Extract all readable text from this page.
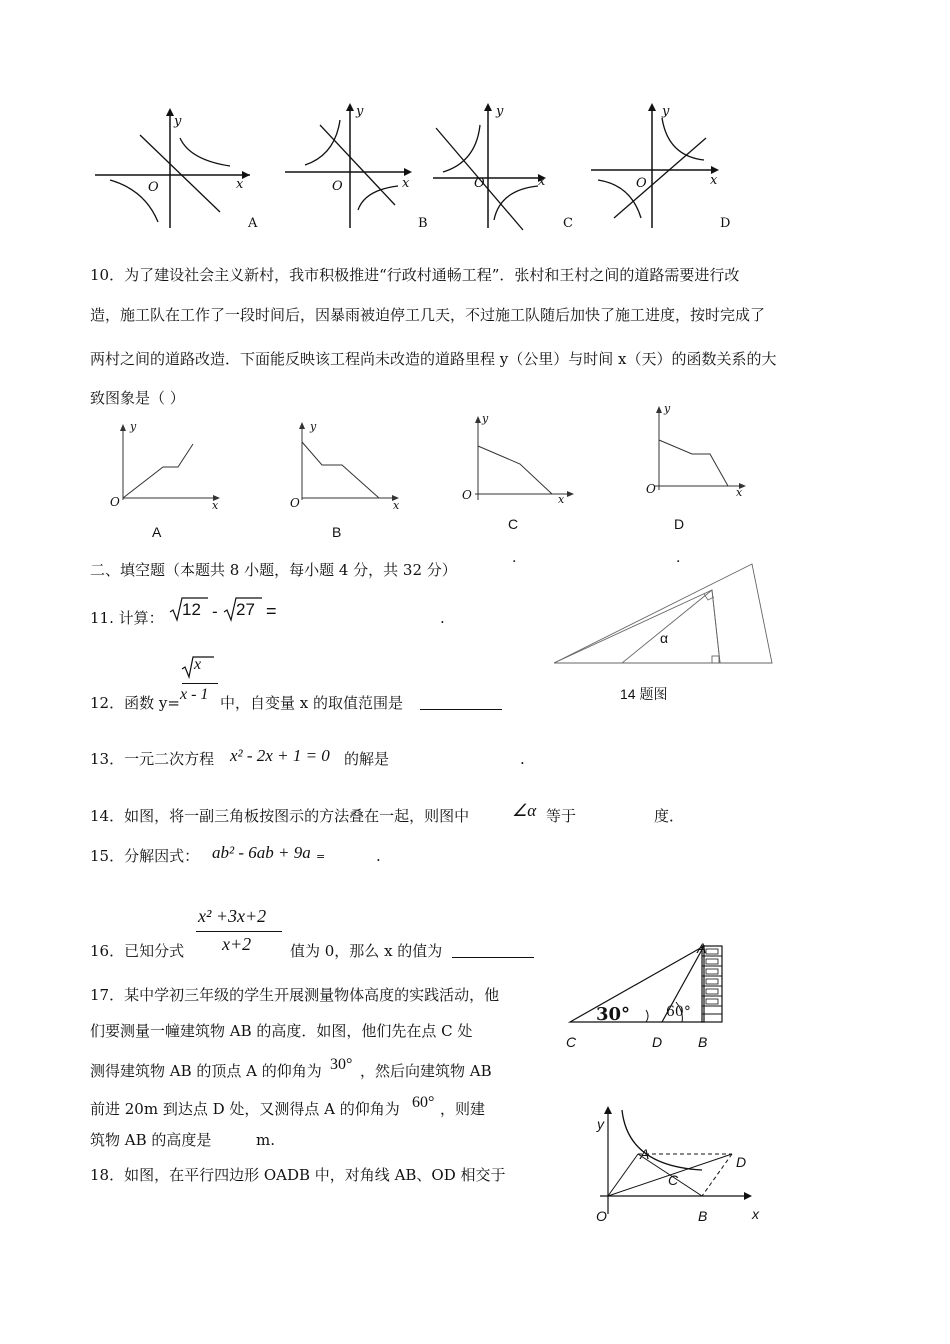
y
O	x
A
y
O	x
B
y
O	x
C
y
O	x
D
10．为了建设社会主义新村，我市积极推进“行政村通畅工程”．张村和王村之间的道路需要进行改
造，施工队在工作了一段时间后，因暴雨被迫停工几天，不过施工队随后加快了施工进度，按时完成了
两村之间的道路改造．下面能反映该工程尚未改造的道路里程 y（公里）与时间 x（天）的函数关系的大
致图象是（ ）
y
O	x
A
y
O	x
B
y
O	x
C
.
y
O	x
D
.
二、填空题（本题共 8 小题，每小题 4 分，共 32 分）
11. 计算： 12 - 27 =	.
α
14 题图
x
12．函数 y= x - 1 中，自变量 x 的取值范围是
13．一元二次方程 x² - 2x + 1 = 0 的解是	.
14．如图，将一副三角板按图示的方法叠在一起，则图中	∠α 等于	度．
15．分解因式： ab² - 6ab + 9a =	.
x² +3x+2
x+2
16．已知分式	值为 0，那么 x 的值为
30°	60°
A
C	D	B
17．某中学初三年级的学生开展测量物体高度的实践活动，他
们要测量一幢建筑物 AB 的高度．如图，他们先在点 C 处
测得建筑物 AB 的顶点 A 的仰角为 30° ，然后向建筑物 AB
前进 20m 到达点 D 处，又测得点 A 的仰角为 60° ，则建
筑物 AB 的高度是	m.
18．如图，在平行四边形 OADB 中，对角线 AB、OD 相交于
y
A	D
C
O	B	x
